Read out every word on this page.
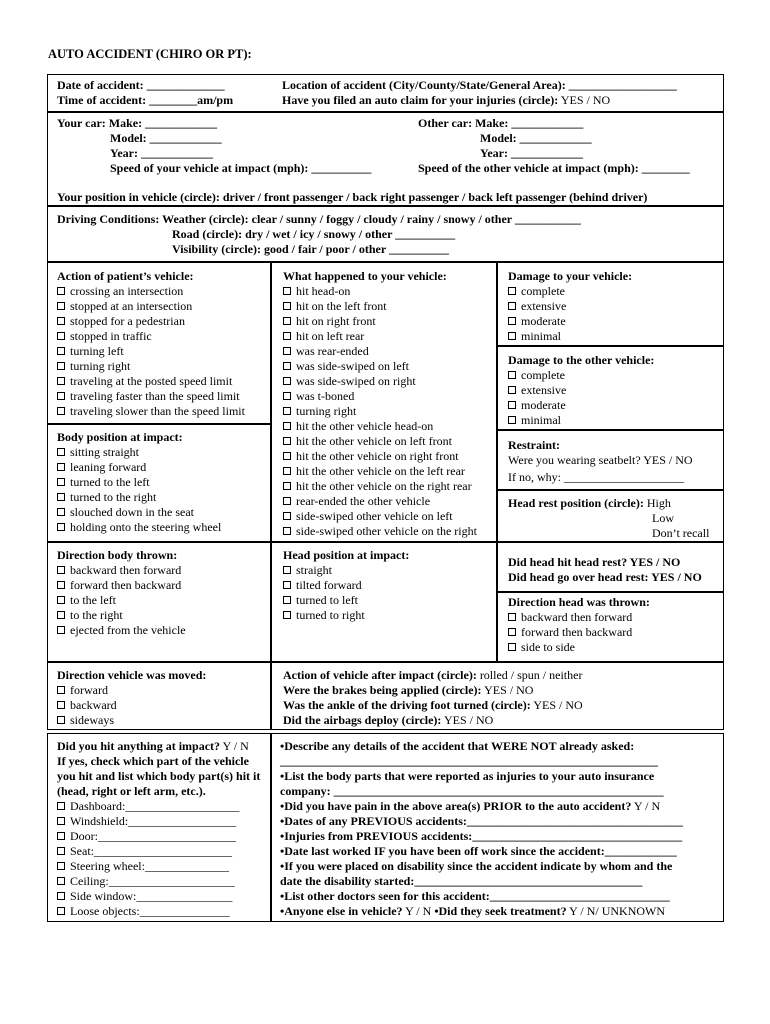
AUTO ACCIDENT (CHIRO OR PT):
Date of accident: _____________
Time of accident: ________am/pm
Location of accident (City/County/State/General Area): __________________
Have you filed an auto claim for your injuries (circle): YES / NO
Your car: Make: ____________
Model: ____________
Year: ____________
Speed of your vehicle at impact (mph): __________
Other car: Make: ____________
Model: ____________
Year: ____________
Speed of the other vehicle at impact (mph): ________
Your position in vehicle (circle): driver / front passenger / back right passenger / back left passenger (behind driver)
Driving Conditions: Weather (circle): clear / sunny / foggy / cloudy / rainy / snowy / other ___________
Road (circle): dry / wet / icy / snowy / other __________
Visibility (circle): good / fair / poor / other __________
Action of patient’s vehicle:
crossing an intersection
stopped at an intersection
stopped for a pedestrian
stopped in traffic
turning left
turning right
traveling at the posted speed limit
traveling faster than the speed limit
traveling slower than the speed limit
Body position at impact:
sitting straight
leaning forward
turned to the left
turned to the right
slouched down in the seat
holding onto the steering wheel
What happened to your vehicle:
hit head-on
hit on the left front
hit on right front
hit on left rear
was rear-ended
was side-swiped on left
was side-swiped on right
was t-boned
turning right
hit the other vehicle head-on
hit the other vehicle on left front
hit the other vehicle on right front
hit the other vehicle on the left rear
hit the other vehicle on the right rear
rear-ended the other vehicle
side-swiped other vehicle on left
side-swiped other vehicle on the right
Damage to your vehicle:
complete
extensive
moderate
minimal
Damage to the other vehicle:
complete
extensive
moderate
minimal
Restraint:
Were you wearing seatbelt? YES / NO
If no, why: ____________________
Head rest position (circle): High
Low
Don’t recall
Direction body thrown:
backward then forward
forward then backward
to the left
to the right
ejected from the vehicle
Head position at impact:
straight
tilted forward
turned to left
turned to right
Did head hit head rest? YES / NO
Did head go over head rest: YES / NO
Direction head was thrown:
backward then forward
forward then backward
side to side
Direction vehicle was moved:
forward
backward
sideways
Action of vehicle after impact (circle): rolled / spun / neither
Were the brakes being applied (circle): YES / NO
Was the ankle of the driving foot turned (circle): YES / NO
Did the airbags deploy (circle): YES / NO
Did you hit anything at impact? Y / N
If yes, check which part of the vehicle you hit and list which body part(s) hit it (head, right or left arm, etc.).
Dashboard:___________________
Windshield:__________________
Door:_______________________
Seat:_______________________
Steering wheel:______________
Ceiling:_____________________
Side window:________________
Loose objects:_______________
•Describe any details of the accident that WERE NOT already asked:
_______________________________________________________________
•List the body parts that were reported as injuries to your auto insurance
company: _______________________________________________________
•Did you have pain in the above area(s) PRIOR to the auto accident? Y / N
•Dates of any PREVIOUS accidents:____________________________________
•Injuries from PREVIOUS accidents:___________________________________
•Date last worked IF you have been off work since the accident:____________
•If you were placed on disability since the accident indicate by whom and the
date the disability started:______________________________________
•List other doctors seen for this accident:______________________________
•Anyone else in vehicle? Y / N •Did they seek treatment? Y / N/ UNKNOWN
